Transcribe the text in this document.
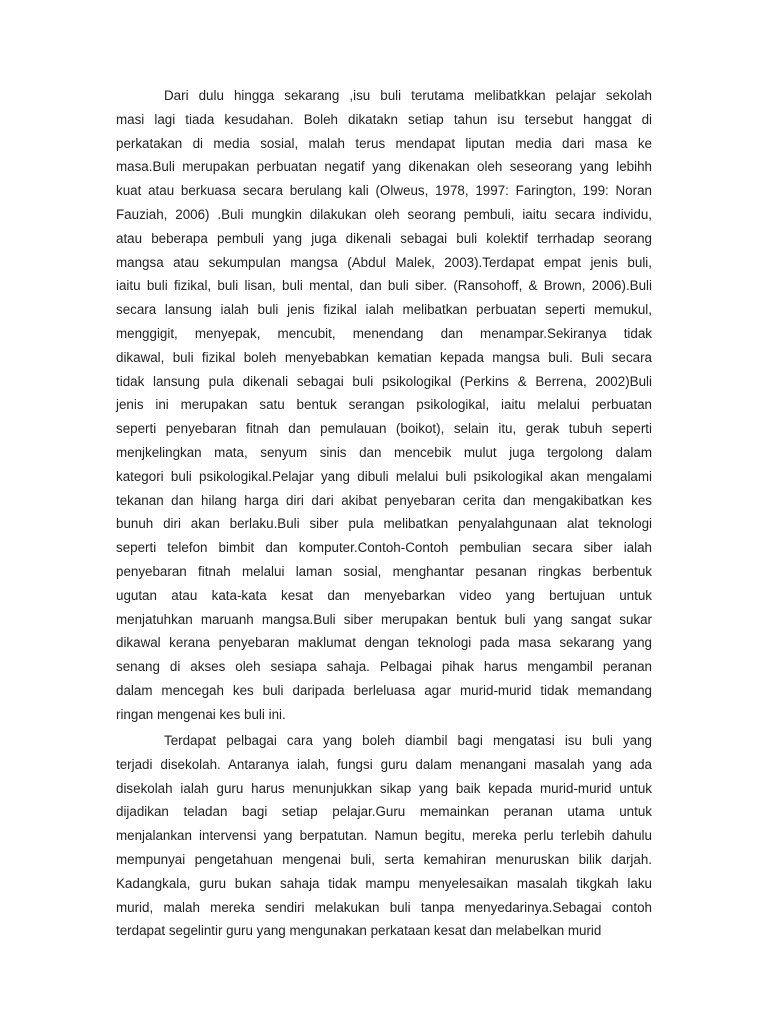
Dari dulu hingga sekarang ,isu buli terutama melibatkkan pelajar sekolah
masi lagi tiada kesudahan. Boleh dikatakn setiap tahun isu tersebut hanggat di
perkatakan di media sosial, malah terus mendapat liputan media dari masa ke
masa.Buli merupakan perbuatan negatif yang dikenakan oleh seseorang yang lebihh
kuat atau berkuasa secara berulang kali (Olweus, 1978, 1997: Farington, 199: Noran
Fauziah, 2006) .Buli mungkin dilakukan oleh seorang pembuli, iaitu secara individu,
atau beberapa pembuli yang juga dikenali sebagai buli kolektif terrhadap seorang
mangsa atau sekumpulan mangsa (Abdul Malek, 2003).Terdapat empat jenis buli,
iaitu buli fizikal, buli lisan, buli mental, dan buli siber. (Ransohoff, & Brown, 2006).Buli
secara lansung ialah buli jenis fizikal ialah melibatkan perbuatan seperti memukul,
menggigit, menyepak, mencubit, menendang dan menampar.Sekiranya tidak
dikawal, buli fizikal boleh menyebabkan kematian kepada mangsa buli. Buli secara
tidak lansung pula dikenali sebagai buli psikologikal (Perkins & Berrena, 2002)Buli
jenis ini merupakan satu bentuk serangan psikologikal, iaitu melalui perbuatan
seperti penyebaran fitnah dan pemulauan (boikot), selain itu, gerak tubuh seperti
menjkelingkan mata, senyum sinis dan mencebik mulut juga tergolong dalam
kategori buli psikologikal.Pelajar yang dibuli melalui buli psikologikal akan mengalami
tekanan dan hilang harga diri dari akibat penyebaran cerita dan mengakibatkan kes
bunuh diri akan berlaku.Buli siber pula melibatkan penyalahgunaan alat teknologi
seperti telefon bimbit dan komputer.Contoh-Contoh pembulian secara siber ialah
penyebaran fitnah melalui laman sosial, menghantar pesanan ringkas berbentuk
ugutan atau kata-kata kesat dan menyebarkan video yang bertujuan untuk
menjatuhkan maruanh mangsa.Buli siber merupakan bentuk buli yang sangat sukar
dikawal kerana penyebaran maklumat dengan teknologi pada masa sekarang yang
senang di akses oleh sesiapa sahaja. Pelbagai pihak harus mengambil peranan
dalam mencegah kes buli daripada berleluasa agar murid-murid tidak memandang
ringan mengenai kes buli ini.
Terdapat pelbagai cara yang boleh diambil bagi mengatasi isu buli yang
terjadi disekolah. Antaranya ialah, fungsi guru dalam menangani masalah yang ada
disekolah ialah guru harus menunjukkan sikap yang baik kepada murid-murid untuk
dijadikan teladan bagi setiap pelajar.Guru memainkan peranan utama untuk
menjalankan intervensi yang berpatutan. Namun begitu, mereka perlu terlebih dahulu
mempunyai pengetahuan mengenai buli, serta kemahiran menuruskan bilik darjah.
Kadangkala, guru bukan sahaja tidak mampu menyelesaikan masalah tikgkah laku
murid, malah mereka sendiri melakukan buli tanpa menyedarinya.Sebagai contoh
terdapat segelintir guru yang mengunakan perkataan kesat dan melabelkan murid
